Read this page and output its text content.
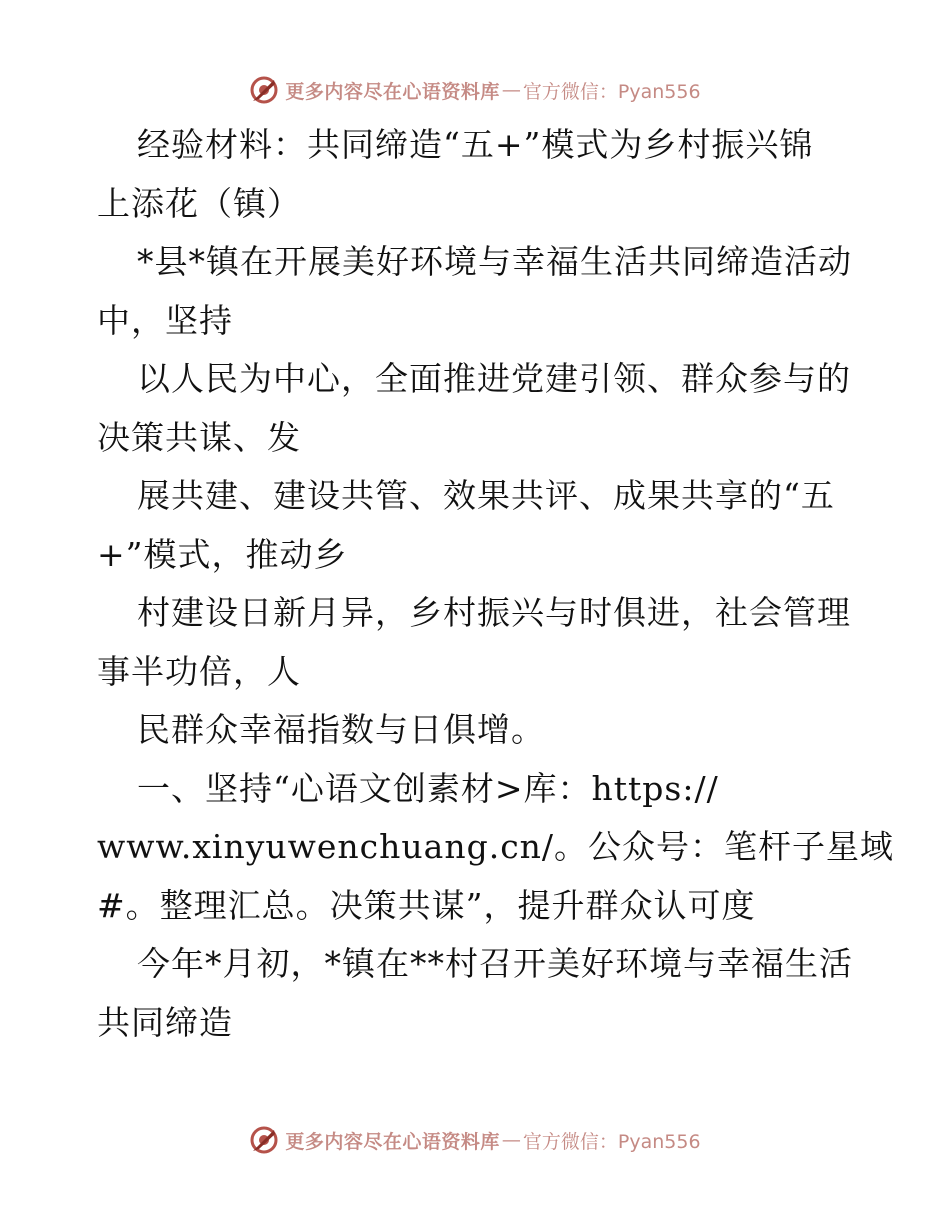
更多内容尽在心语资料库 — 官方微信：Pyan556
经验材料：共同缔造“五+”模式为乡村振兴锦
上添花（镇）
*县*镇在开展美好环境与幸福生活共同缔造活动
中，坚持
以人民为中心，全面推进党建引领、群众参与的
决策共谋、发
展共建、建设共管、效果共评、成果共享的“五
+”模式，推动乡
村建设日新月异，乡村振兴与时俱进，社会管理
事半功倍，人
民群众幸福指数与日俱增。
一、坚持“心语文创素材>库：https://
www.xinyuwenchuang.cn/。公众号：笔杆子星域
#。整理汇总。决策共谋”，提升群众认可度
今年*月初，*镇在**村召开美好环境与幸福生活
共同缔造
更多内容尽在心语资料库 — 官方微信：Pyan556
